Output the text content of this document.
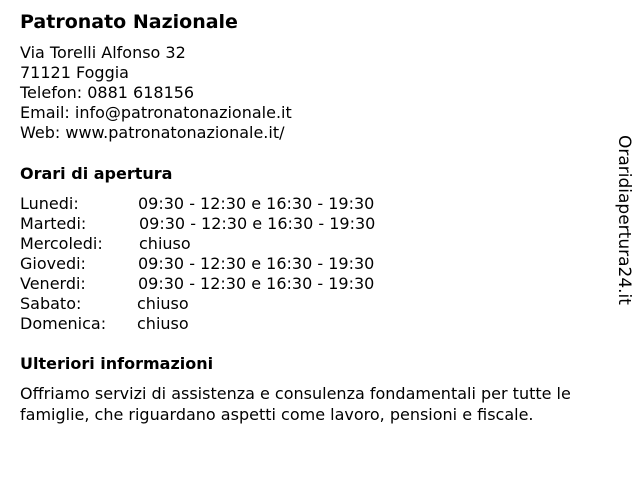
Patronato Nazionale
Via Torelli Alfonso 32
71121 Foggia
Telefon: 0881 618156
Email: info@patronatonazionale.it
Web: www.patronatonazionale.it/
Orari di apertura
Lunedi:	09:30 - 12:30 e 16:30 - 19:30
Martedi:	09:30 - 12:30 e 16:30 - 19:30
Mercoledi: chiuso
Giovedi:	09:30 - 12:30 e 16:30 - 19:30
Venerdi:	09:30 - 12:30 e 16:30 - 19:30
Sabato:	chiuso
Domenica: chiuso
Ulteriori informazioni
Offriamo servizi di assistenza e consulenza fondamentali per tutte le famiglie, che riguardano aspetti come lavoro, pensioni e fiscale.
Oraridiapertura24.it
